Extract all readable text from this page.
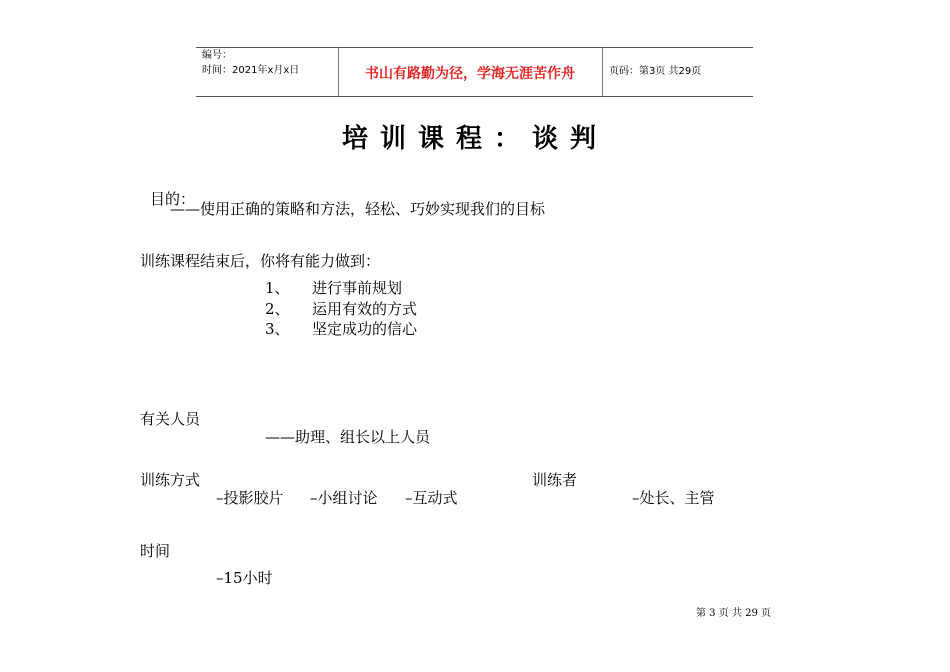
编号：
时间：2021年x月x日	书山有路勤为径，学海无涯苦作舟	页码：第3页 共29页
培训课程：谈判
目的：
——使用正确的策略和方法，轻松、巧妙实现我们的目标
训练课程结束后，你将有能力做到：
1、 进行事前规划
2、 运用有效的方式
3、 坚定成功的信心
有关人员
——助理、组长以上人员
训练方式
–投影胶片 –小组讨论 –互动式
训练者
–处长、主管
时间
–15小时
第 3 页 共 29 页
